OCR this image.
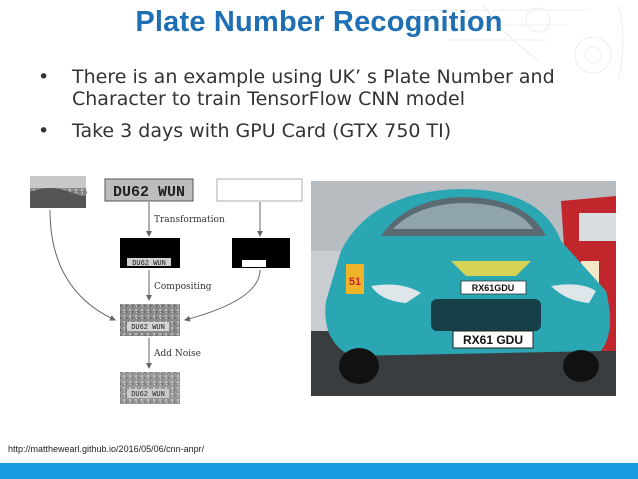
Plate Number Recognition
• There is an example using UK’ s Plate Number and Character to train TensorFlow CNN model
• Take 3 days with GPU Card (GTX 750 TI)
DU62 WUN
Transformation
Compositing
Add Noise
DU62 WUN
DU62 WUN
DU62 WUN
51	RX61GDU
RX61 GDU
http://matthewearl.github.io/2016/05/06/cnn-anpr/
